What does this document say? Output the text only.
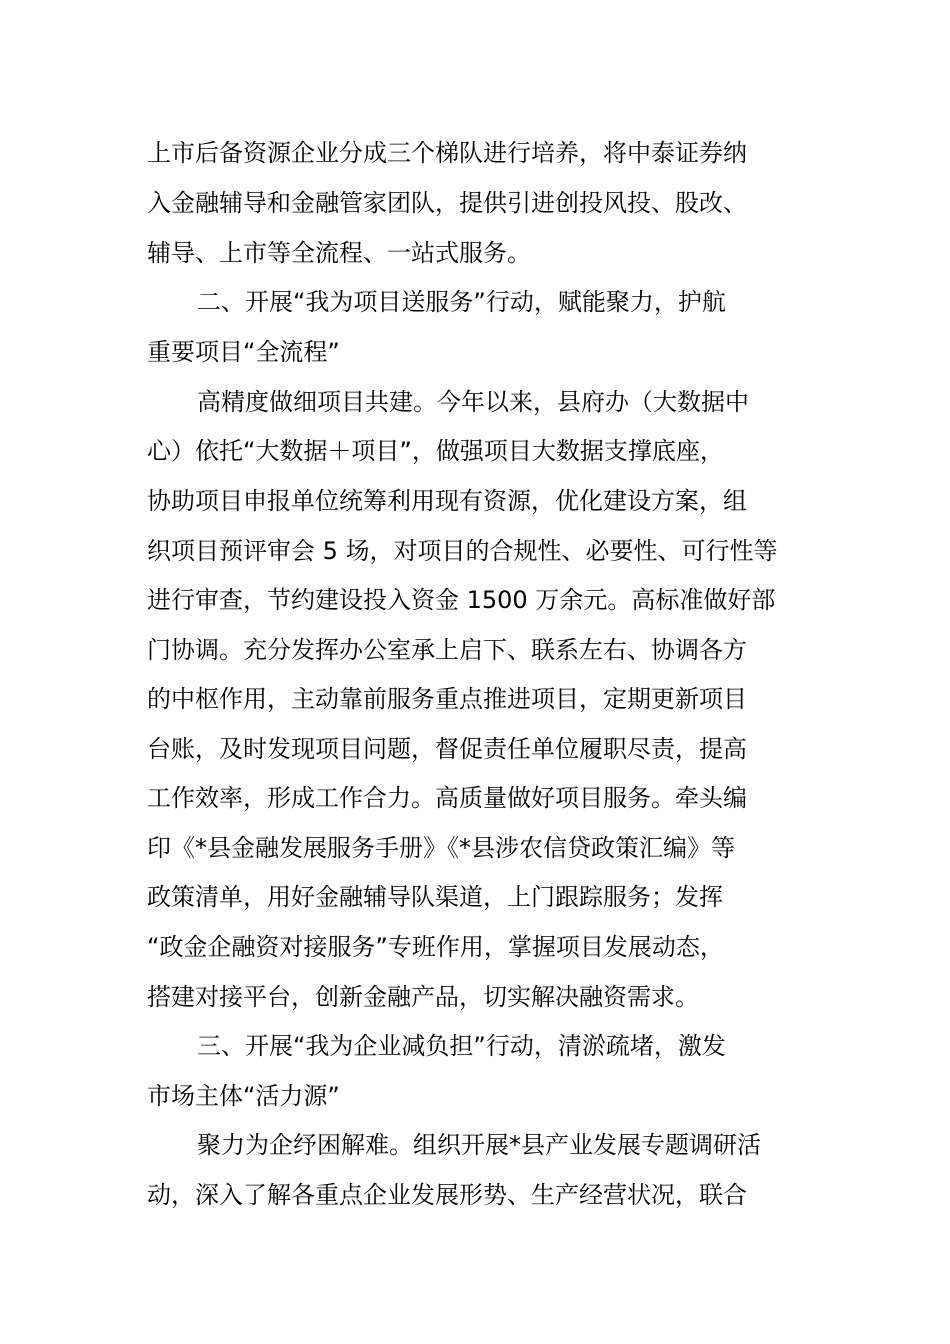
上市后备资源企业分成三个梯队进行培养，将中泰证券纳
入金融辅导和金融管家团队，提供引进创投风投、股改、
辅导、上市等全流程、一站式服务。
二、开展“我为项目送服务”行动，赋能聚力，护航
重要项目“全流程”
高精度做细项目共建。今年以来，县府办（大数据中
心）依托“大数据＋项目”，做强项目大数据支撑底座，
协助项目申报单位统筹利用现有资源，优化建设方案，组
织项目预评审会 5 场，对项目的合规性、必要性、可行性等
进行审查，节约建设投入资金 1500 万余元。高标准做好部
门协调。充分发挥办公室承上启下、联系左右、协调各方
的中枢作用，主动靠前服务重点推进项目，定期更新项目
台账，及时发现项目问题，督促责任单位履职尽责，提高
工作效率，形成工作合力。高质量做好项目服务。牵头编
印《*县金融发展服务手册》《*县涉农信贷政策汇编》等
政策清单，用好金融辅导队渠道，上门跟踪服务；发挥
“政金企融资对接服务”专班作用，掌握项目发展动态，
搭建对接平台，创新金融产品，切实解决融资需求。
三、开展“我为企业减负担”行动，清淤疏堵，激发
市场主体“活力源”
聚力为企纾困解难。组织开展*县产业发展专题调研活
动，深入了解各重点企业发展形势、生产经营状况，联合
